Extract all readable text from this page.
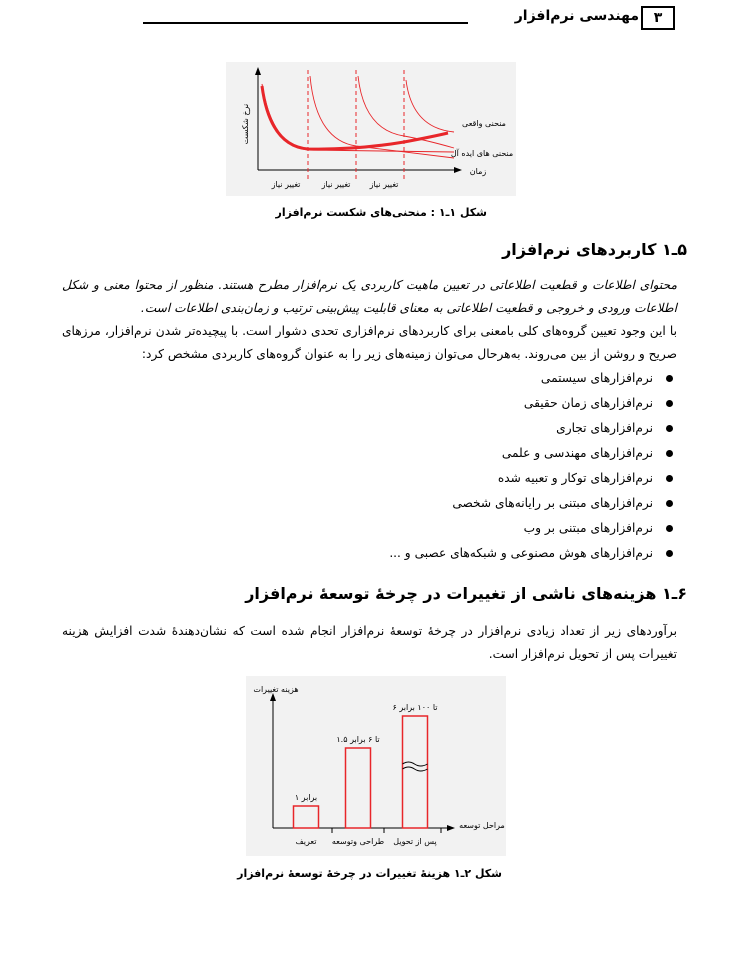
مهندسی نرم‌افزار	۳
نرخ شکست
زمان
منحنی واقعی
منحنی های ایده آل
تغییر نیاز	تغییر نیاز تغییر نیاز
شکل ۱ـ۱ : منحنی‌های شکست نرم‌افزار
۵ـ۱ کاربردهای نرم‌افزار
محتوای اطلاعات و قطعیت اطلاعاتی در تعیین ماهیت کاربردی یک نرم‌افزار مطرح هستند. منظور از محتوا معنی و شکل اطلاعات ورودی و خروجی و قطعیت اطلاعاتی به معنای قابلیت پیش‌بینی ترتیب و زمان‌بندی اطلاعات است.
با این وجود تعیین گروه‌های کلی بامعنی برای کاربردهای نرم‌افزاری تحدی دشوار است. با پیچیده‌تر شدن نرم‌افزار، مرزهای صریح و روشن از بین می‌روند. به‌هرحال می‌توان زمینه‌های زیر را به عنوان گروه‌های کاربردی مشخص کرد:
نرم‌افزارهای سیستمی
نرم‌افزارهای زمان حقیقی
نرم‌افزارهای تجاری
نرم‌افزارهای مهندسی و علمی
نرم‌افزارهای توکار و تعبیه شده
نرم‌افزارهای مبتنی بر رایانه‌های شخصی
نرم‌افزارهای مبتنی بر وب
نرم‌افزارهای هوش مصنوعی و شبکه‌های عصبی و ...
۶ـ۱ هزینه‌های ناشی از تغییرات در چرخهٔ توسعهٔ نرم‌افزار
برآوردهای زیر از تعداد زیادی نرم‌افزار در چرخهٔ توسعهٔ نرم‌افزار انجام شده است که نشان‌دهندهٔ شدت افزایش هزینه تغییرات پس از تحویل نرم‌افزار است.
هزینه تغییرات
مراحل توسعه
۱ برابر
تعریف
۱.۵ تا ۶ برابر
طراحی وتوسعه
۶ تا ۱۰۰ برابر
پس از تحویل
شکل ۲ـ۱ هزینهٔ تغییرات در چرخهٔ توسعهٔ نرم‌افزار
